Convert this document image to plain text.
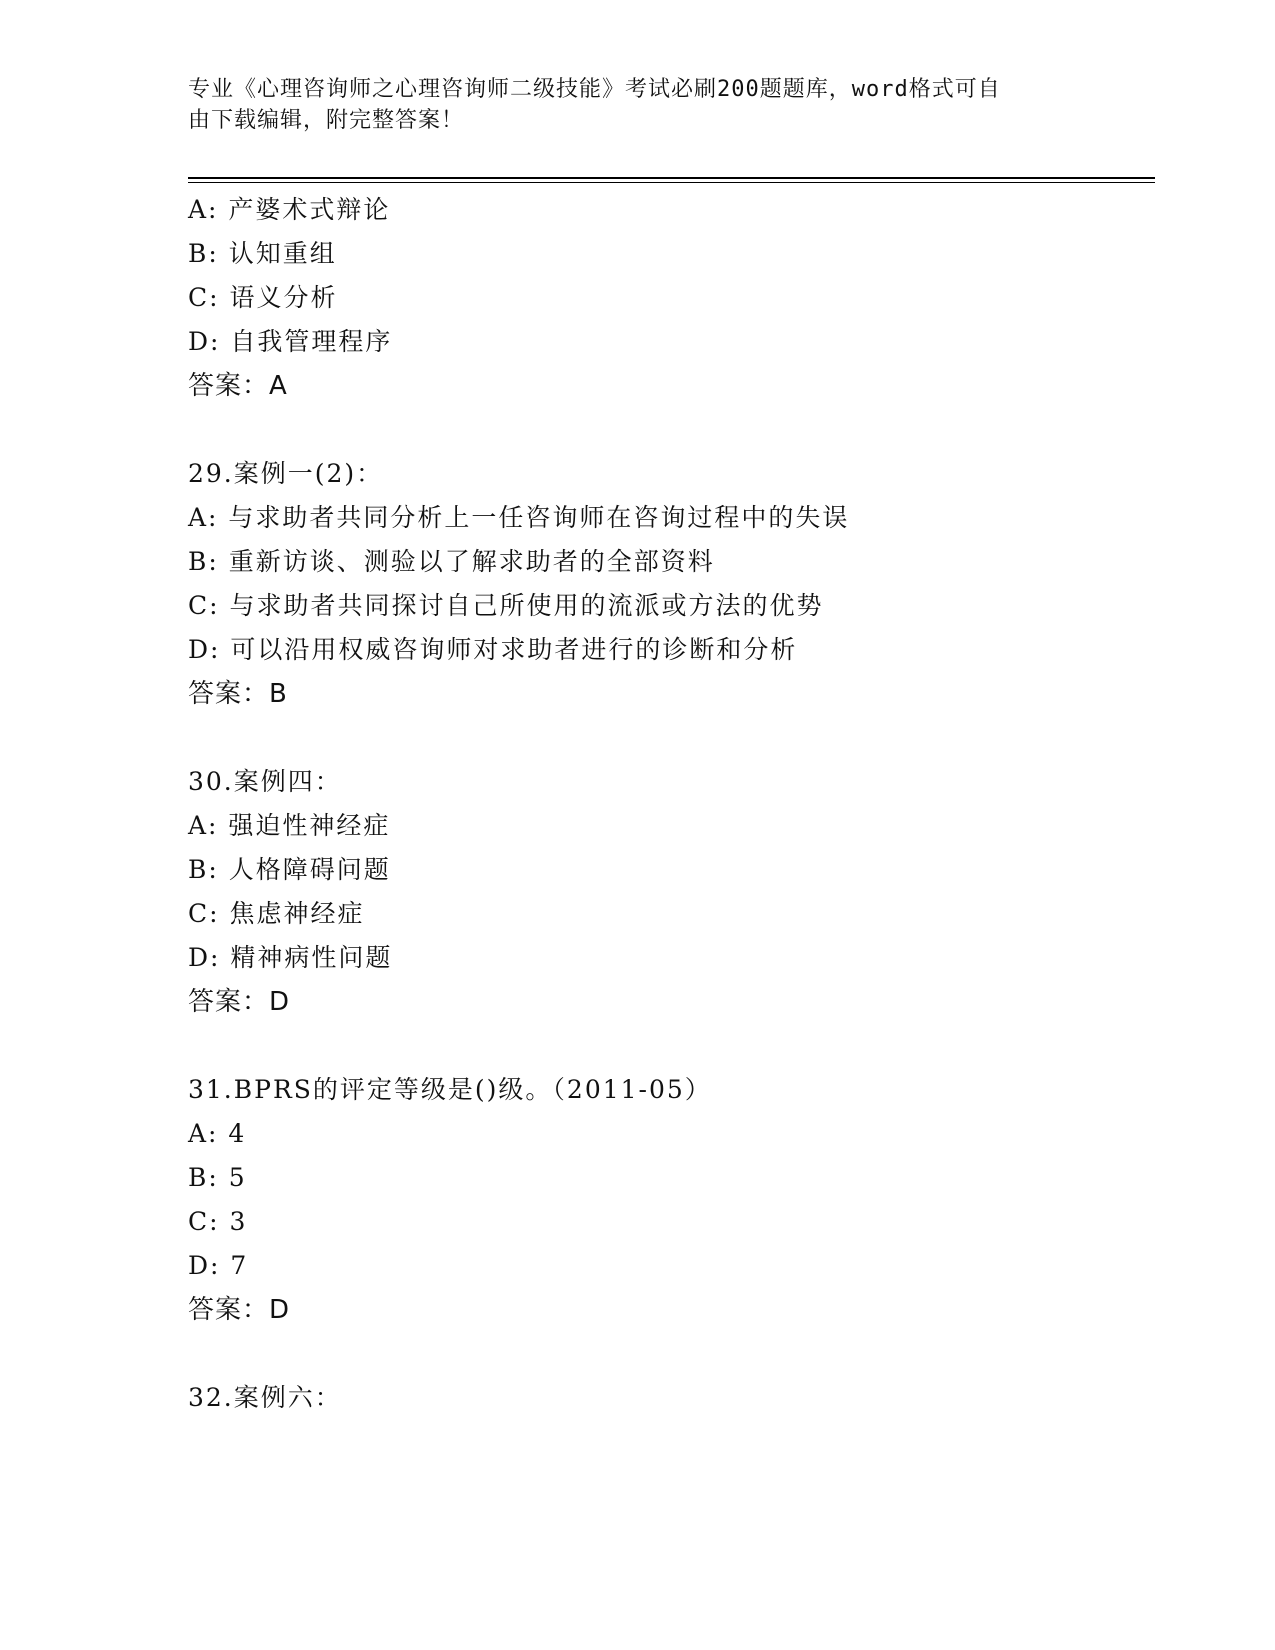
专业《心理咨询师之心理咨询师二级技能》考试必刷200题题库，word格式可自
由下载编辑，附完整答案！
A: 产婆术式辩论
B: 认知重组
C: 语义分析
D: 自我管理程序
答案：A
29.案例一(2)：
A: 与求助者共同分析上一任咨询师在咨询过程中的失误
B: 重新访谈、测验以了解求助者的全部资料
C: 与求助者共同探讨自己所使用的流派或方法的优势
D: 可以沿用权威咨询师对求助者进行的诊断和分析
答案：B
30.案例四：
A: 强迫性神经症
B: 人格障碍问题
C: 焦虑神经症
D: 精神病性问题
答案：D
31.BPRS的评定等级是()级。（2011-05）
A: 4
B: 5
C: 3
D: 7
答案：D
32.案例六：
